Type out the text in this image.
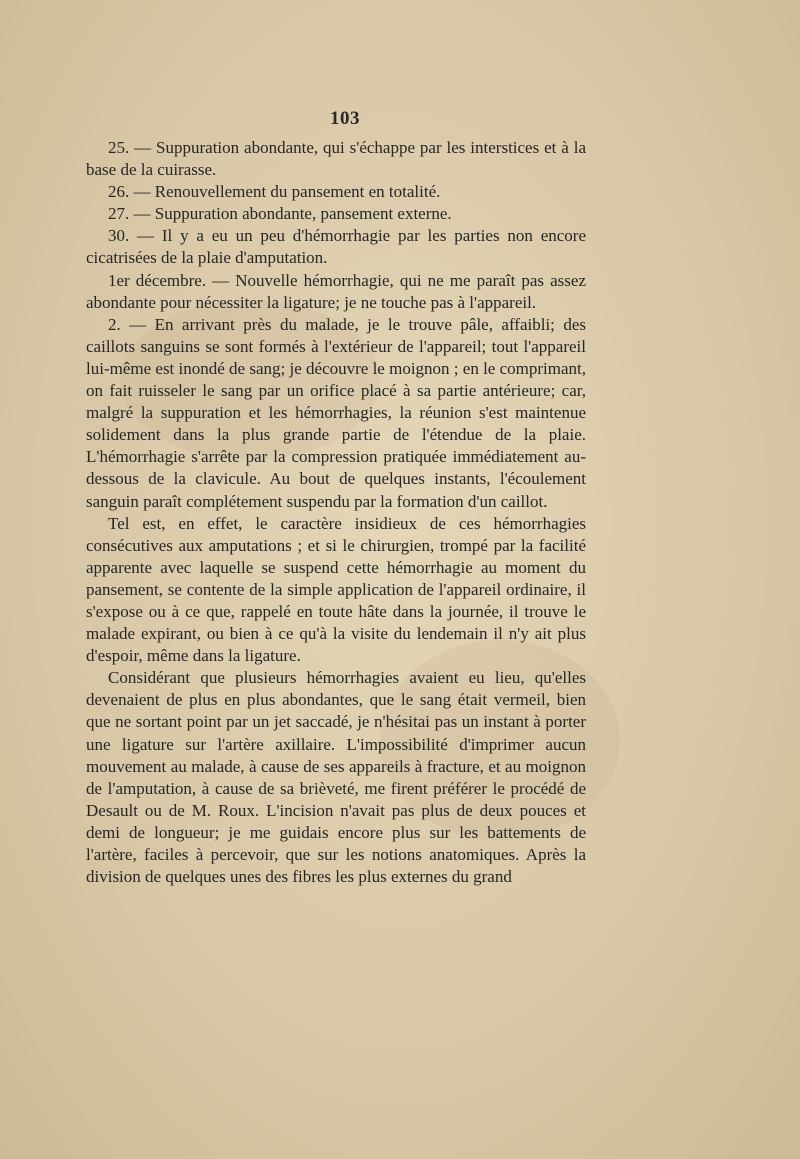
103

25. — Suppuration abondante, qui s'échappe par les interstices et à la base de la cuirasse.

26. — Renouvellement du pansement en totalité.

27. — Suppuration abondante, pansement externe.

30. — Il y a eu un peu d'hémorrhagie par les parties non encore cicatrisées de la plaie d'amputation.

1er décembre. — Nouvelle hémorrhagie, qui ne me paraît pas assez abondante pour nécessiter la ligature; je ne touche pas à l'appareil.

2. — En arrivant près du malade, je le trouve pâle, affaibli; des caillots sanguins se sont formés à l'extérieur de l'appareil; tout l'appareil lui-même est inondé de sang; je découvre le moignon ; en le comprimant, on fait ruisseler le sang par un orifice placé à sa partie antérieure; car, malgré la suppuration et les hémorrhagies, la réunion s'est maintenue solidement dans la plus grande partie de l'étendue de la plaie. L'hémorrhagie s'arrête par la compression pratiquée immédiatement au-dessous de la clavicule. Au bout de quelques instants, l'écoulement sanguin paraît complétement suspendu par la formation d'un caillot.

Tel est, en effet, le caractère insidieux de ces hémorrhagies consécutives aux amputations ; et si le chirurgien, trompé par la facilité apparente avec laquelle se suspend cette hémorrhagie au moment du pansement, se contente de la simple application de l'appareil ordinaire, il s'expose ou à ce que, rappelé en toute hâte dans la journée, il trouve le malade expirant, ou bien à ce qu'à la visite du lendemain il n'y ait plus d'espoir, même dans la ligature.

Considérant que plusieurs hémorrhagies avaient eu lieu, qu'elles devenaient de plus en plus abondantes, que le sang était vermeil, bien que ne sortant point par un jet saccadé, je n'hésitai pas un instant à porter une ligature sur l'artère axillaire. L'impossibilité d'imprimer aucun mouvement au malade, à cause de ses appareils à fracture, et au moignon de l'amputation, à cause de sa brièveté, me firent préférer le procédé de Desault ou de M. Roux. L'incision n'avait pas plus de deux pouces et demi de longueur; je me guidais encore plus sur les battements de l'artère, faciles à percevoir, que sur les notions anatomiques. Après la division de quelques unes des fibres les plus externes du grand
